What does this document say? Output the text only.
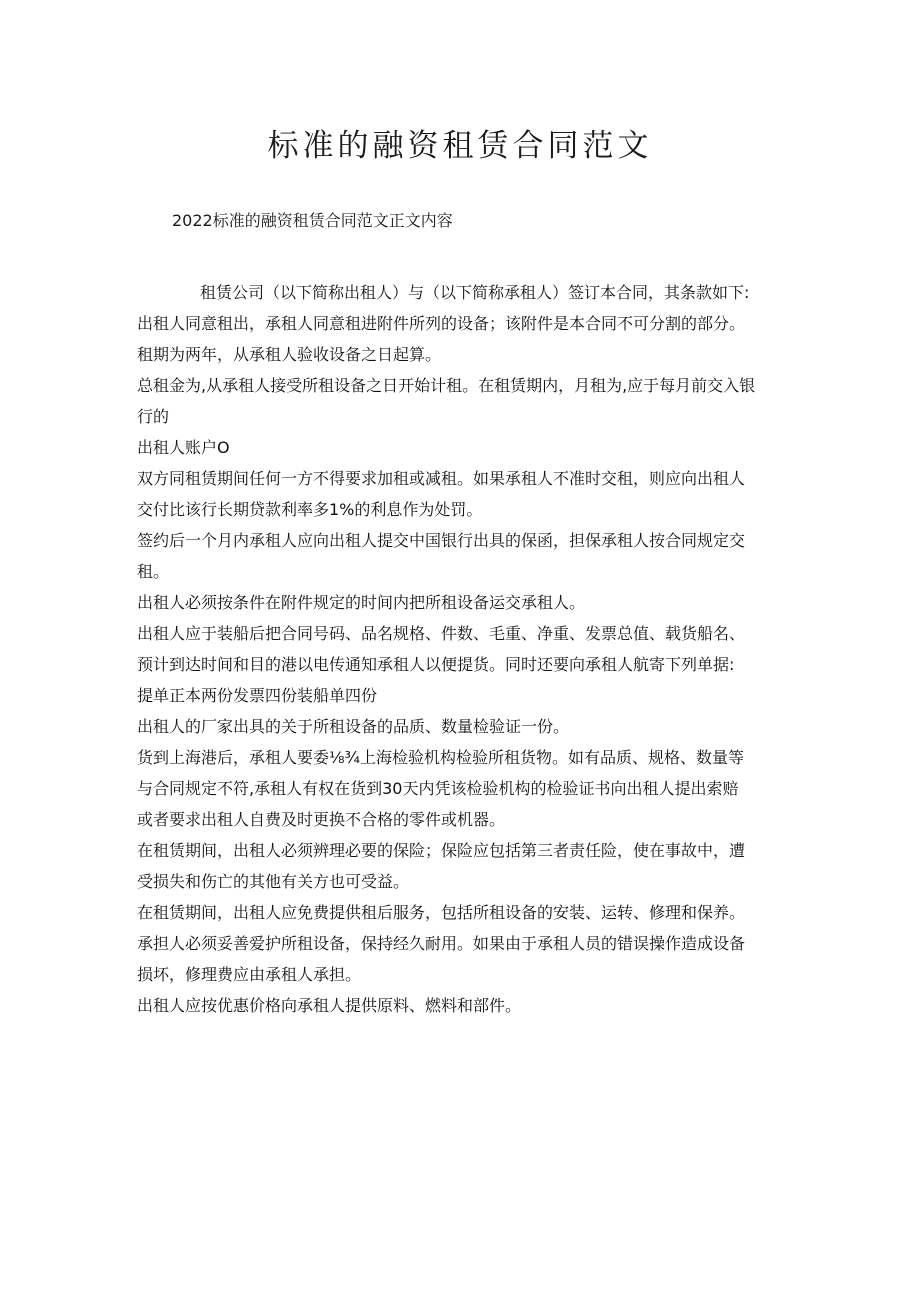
标准的融资租赁合同范文

2022标准的融资租赁合同范文正文内容

租赁公司（以下简称出租人）与（以下简称承租人）签订本合同，其条款如下:
出租人同意租出，承租人同意租进附件所列的设备；该附件是本合同不可分割的部分。
租期为两年，从承租人验收设备之日起算。
总租金为,从承租人接受所租设备之日开始计租。在租赁期内，月租为,应于每月前交入银
行的
出租人账户O
双方同租赁期间任何一方不得要求加租或减租。如果承租人不准时交租，则应向出租人
交付比该行长期贷款利率多1%的利息作为处罚。
签约后一个月内承租人应向出租人提交中国银行出具的保函，担保承租人按合同规定交
租。
出租人必须按条件在附件规定的时间内把所租设备运交承租人。
出租人应于装船后把合同号码、品名规格、件数、毛重、净重、发票总值、载货船名、
预计到达时间和目的港以电传通知承租人以便提货。同时还要向承租人航寄下列单据:
提单正本两份发票四份装船单四份
出租人的厂家出具的关于所租设备的品质、数量检验证一份。
货到上海港后，承租人要委⅛¾上海检验机构检验所租货物。如有品质、规格、数量等
与合同规定不符,承租人有权在货到30天内凭该检验机构的检验证书向出租人提出索赔
或者要求出租人自费及时更换不合格的零件或机器。
在租赁期间，出租人必须辨理必要的保险；保险应包括第三者责任险，使在事故中，遭
受损失和伤亡的其他有关方也可受益。
在租赁期间，出租人应免费提供租后服务，包括所租设备的安装、运转、修理和保养。
承担人必须妥善爱护所租设备，保持经久耐用。如果由于承租人员的错误操作造成设备
损坏，修理费应由承租人承担。
出租人应按优惠价格向承租人提供原料、燃料和部件。
